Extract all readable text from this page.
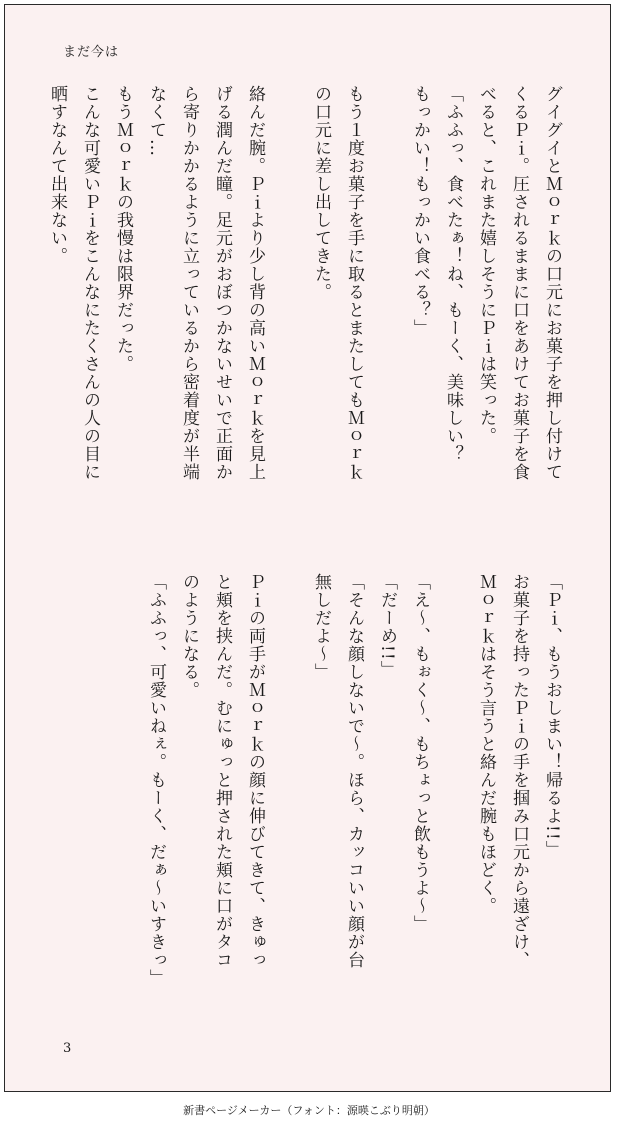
まだ今は
グイグイとＭｏｒｋの口元にお菓子を押し付けて
くるＰｉ。圧されるままに口をあけてお菓子を食
べると、これまた嬉しそうにＰｉは笑った。
「ふふっ、食べたぁ！ね、もーく、美味しい？
もっかい！もっかい食べる？」
もう１度お菓子を手に取るとまたしてもＭｏｒｋ
の口元に差し出してきた。
絡んだ腕。Ｐｉより少し背の高いＭｏｒｋを見上
げる潤んだ瞳。足元がおぼつかないせいで正面か
ら寄りかかるように立っているから密着度が半端
なくて…
もうＭｏｒｋの我慢は限界だった。
こんな可愛いＰｉをこんなにたくさんの人の目に
晒すなんて出来ない。
「Ｐｉ、もうおしまい！帰るよ!!」
お菓子を持ったＰｉの手を掴み口元から遠ざけ、
Ｍｏｒｋはそう言うと絡んだ腕もほどく。
「え〜、もぉく〜、もちょっと飲もうよ〜」
「だーめ!!」
「そんな顔しないで〜。ほら、カッコいい顔が台
無しだよ〜」
Ｐｉの両手がＭｏｒｋの顔に伸びてきて、きゅっ
と頬を挟んだ。むにゅっと押された頬に口がタコ
のようになる。
「ふふっ、可愛いねぇ。もーく、だぁ〜いすきっ」
3
新書ページメーカー（フォント：源暎こぶり明朝）
